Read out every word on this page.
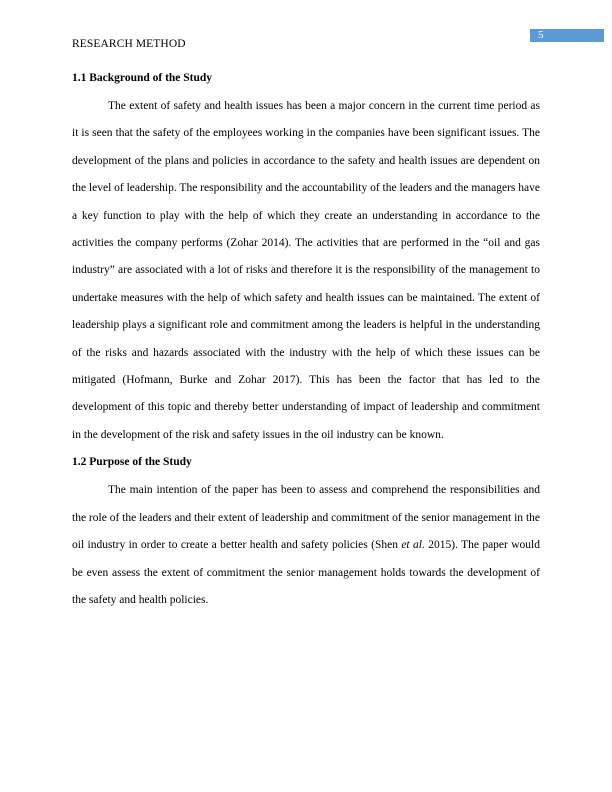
5
RESEARCH METHOD
1.1 Background of the Study

The extent of safety and health issues has been a major concern in the current time period as it is seen that the safety of the employees working in the companies have been significant issues. The development of the plans and policies in accordance to the safety and health issues are dependent on the level of leadership. The responsibility and the accountability of the leaders and the managers have a key function to play with the help of which they create an understanding in accordance to the activities the company performs (Zohar 2014). The activities that are performed in the “oil and gas industry” are associated with a lot of risks and therefore it is the responsibility of the management to undertake measures with the help of which safety and health issues can be maintained. The extent of leadership plays a significant role and commitment among the leaders is helpful in the understanding of the risks and hazards associated with the industry with the help of which these issues can be mitigated (Hofmann, Burke and Zohar 2017). This has been the factor that has led to the development of this topic and thereby better understanding of impact of leadership and commitment in the development of the risk and safety issues in the oil industry can be known.

1.2 Purpose of the Study

The main intention of the paper has been to assess and comprehend the responsibilities and the role of the leaders and their extent of leadership and commitment of the senior management in the oil industry in order to create a better health and safety policies (Shen et al. 2015). The paper would be even assess the extent of commitment the senior management holds towards the development of the safety and health policies.
